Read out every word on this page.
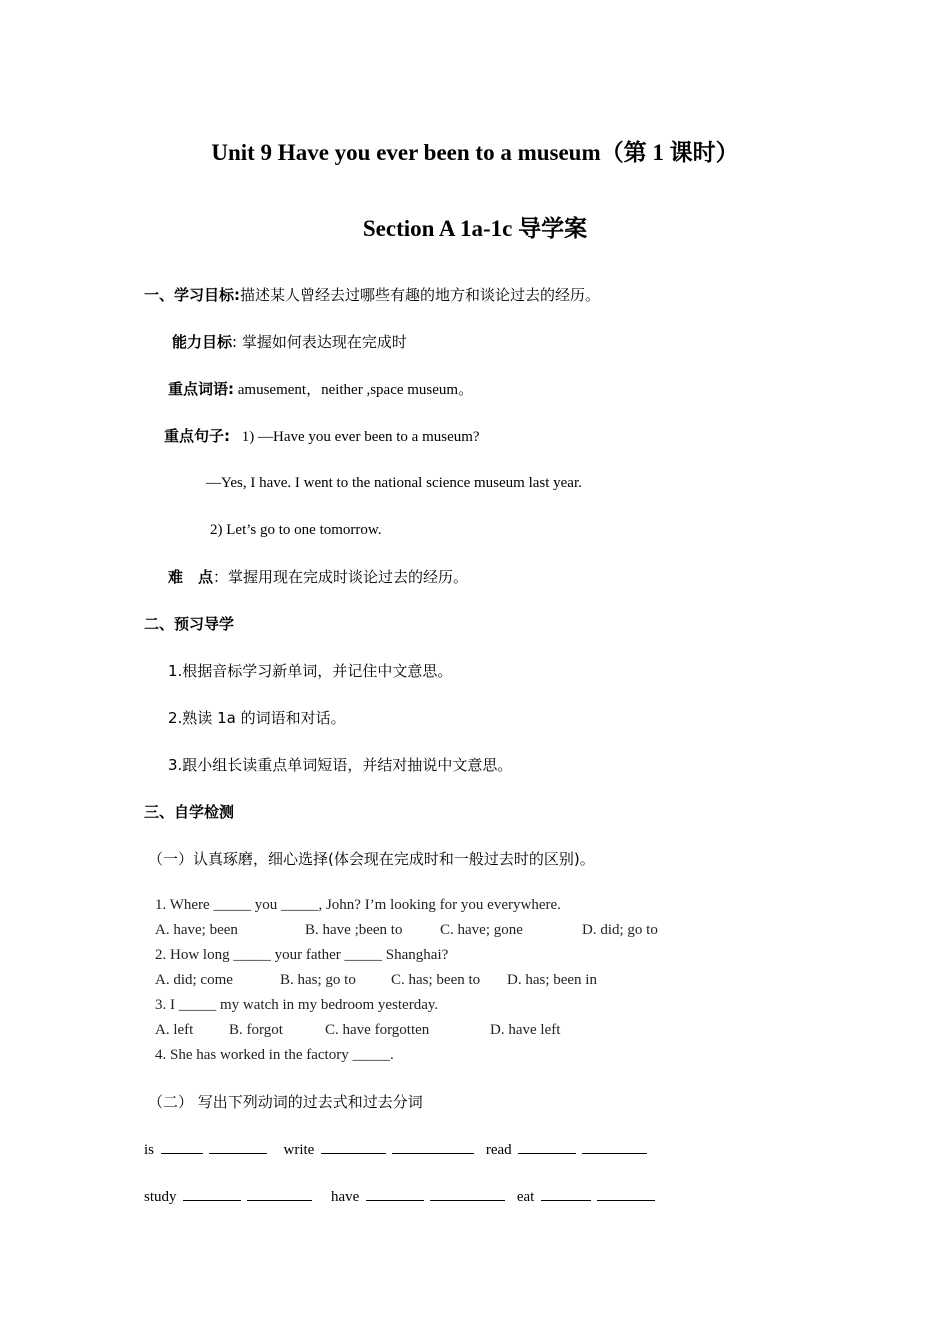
Unit 9 Have you ever been to a museum（第 1 课时）
Section A 1a-1c 导学案
一、学习目标:描述某人曾经去过哪些有趣的地方和谈论过去的经历。
能力目标: 掌握如何表达现在完成时
重点词语: amusement，neither ,space museum。
重点句子: 1) —Have you ever been to a museum?
—Yes, I have. I went to the national science museum last year.
2) Let’s go to one tomorrow.
难　点：掌握用现在完成时谈论过去的经历。
二、预习导学
1.根据音标学习新单词，并记住中文意思。
2.熟读 1a 的词语和对话。
3.跟小组长读重点单词短语，并结对抽说中文意思。
三、自学检测
（一）认真琢磨，细心选择(体会现在完成时和一般过去时的区别)。
1. Where _____ you _____, John? I’m looking for you everywhere.
A. have; been	B. have ;been to	C. have; gone	D. did; go to
2. How long _____ your father _____ Shanghai?
A. did; come	B. has; go to C. has; been to D. has; been in
3. I _____ my watch in my bedroom yesterday.
A. left B. forgot	C. have forgotten	D. have left
4. She has worked in the factory _____.
（二） 写出下列动词的过去式和过去分词
is	write	read
study	have	eat
